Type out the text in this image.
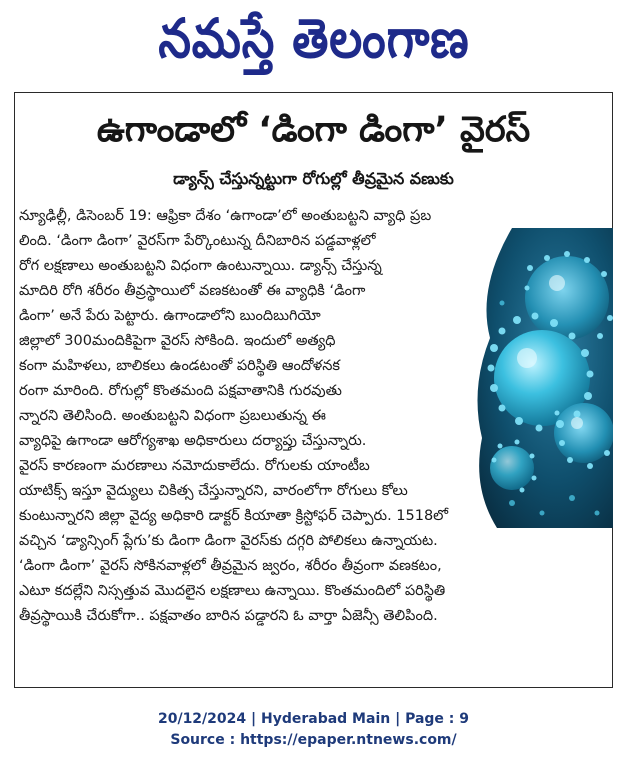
నమస్తే తెలంగాణ
ఉగాండాలో ‘డింగా డింగా’ వైరస్
డ్యాన్స్ చేస్తున్నట్టుగా రోగుల్లో తీవ్రమైన వణుకు
న్యూఢిల్లీ, డిసెంబర్ 19: ఆఫ్రికా దేశం ‘ఉగాండా’లో అంతుబట్టని వ్యాధి ప్రబ
లింది. ‘డింగా డింగా’ వైరస్‌గా పేర్కొంటున్న దీనిబారిన పడ్డవాళ్లలో
రోగ లక్షణాలు అంతుబట్టని విధంగా ఉంటున్నాయి. డ్యాన్స్ చేస్తున్న
మాదిరి రోగి శరీరం తీవ్రస్థాయిలో వణకటంతో ఈ వ్యాధికి ‘డింగా
డింగా’ అనే పేరు పెట్టారు. ఉగాండాలోని బుందిబుగియో
జిల్లాలో 300మందికిపైగా వైరస్ సోకింది. ఇందులో అత్యధి
కంగా మహిళలు, బాలికలు ఉండటంతో పరిస్థితి ఆందోళనక
రంగా మారింది. రోగుల్లో కొంతమంది పక్షవాతానికి గురవుతు
న్నారని తెలిసింది. అంతుబట్టని విధంగా ప్రబలుతున్న ఈ
వ్యాధిపై ఉగాండా ఆరోగ్యశాఖ అధికారులు దర్యాప్తు చేస్తున్నారు.
వైరస్ కారణంగా మరణాలు నమోదుకాలేదు. రోగులకు యాంటీబ
యాటిక్స్ ఇస్తూ వైద్యులు చికిత్స చేస్తున్నారని, వారంలోగా రోగులు కోలు
కుంటున్నారని జిల్లా వైద్య అధికారి డాక్టర్ కియాతా క్రిస్టోఫర్ చెప్పారు. 1518లో
వచ్చిన ‘డ్యాన్సింగ్ ప్లేగు’కు డింగా డింగా వైరస్‌కు దగ్గరి పోలికలు ఉన్నాయట.
‘డింగా డింగా’ వైరస్ సోకినవాళ్లలో తీవ్రమైన జ్వరం, శరీరం తీవ్రంగా వణకటం,
ఎటూ కదల్లేని నిస్సత్తువ మొదలైన లక్షణాలు ఉన్నాయి. కొంతమందిలో పరిస్థితి
తీవ్రస్థాయికి చేరుకోగా.. పక్షవాతం బారిన పడ్డారని ఓ వార్తా ఏజెన్సీ తెలిపింది.
20/12/2024 | Hyderabad Main | Page : 9
Source : https://epaper.ntnews.com/
